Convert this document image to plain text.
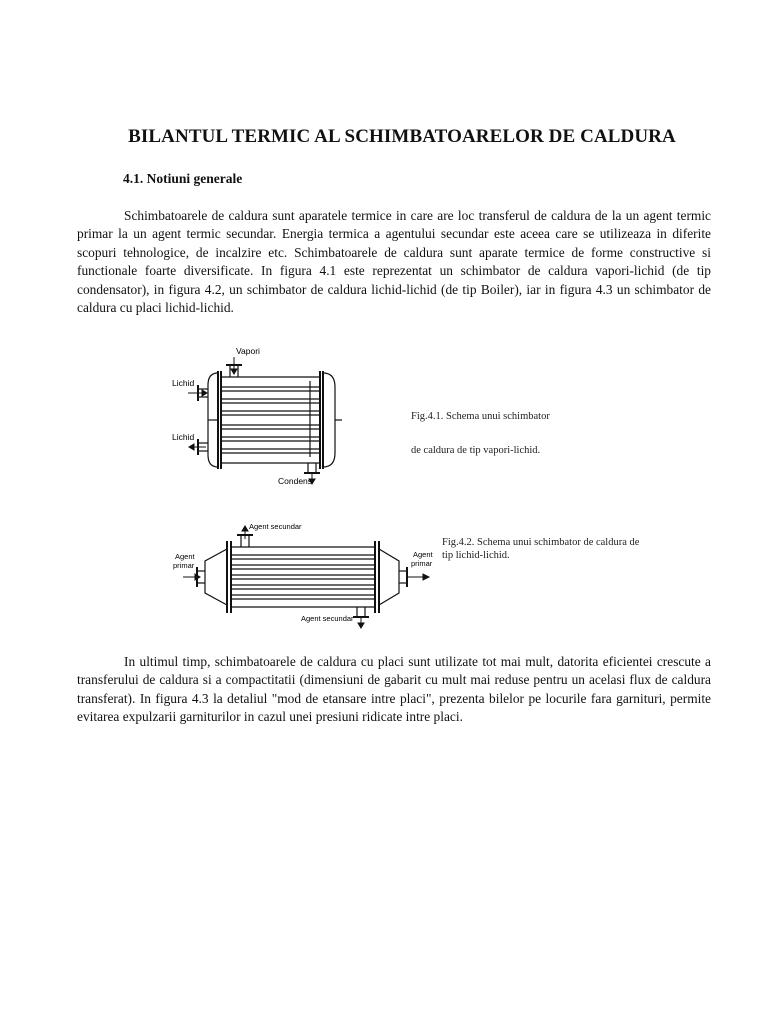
BILANTUL TERMIC AL SCHIMBATOARELOR DE CALDURA
4.1. Notiuni generale

Schimbatoarele de caldura sunt aparatele termice in care are loc transferul de caldura de la un agent termic primar la un agent termic secundar. Energia termica a agentului secundar este aceea care se utilizeaza in diferite scopuri tehnologice, de incalzire etc. Schimbatoarele de caldura sunt aparate termice de forme constructive si functionale foarte diversificate. In figura 4.1 este reprezentat un schimbator de caldura vapori-lichid (de tip condensator), in figura 4.2, un schimbator de caldura lichid-lichid (de tip Boiler), iar in figura 4.3 un schimbator de caldura cu placi lichid-lichid.

Vapori
Lichid
Lichid
Condens
Fig.4.1. Schema unui schimbator
de caldura de tip vapori-lichid.
Agent secundar
Agent
primar
Agent
primar
Agent secundar
Fig.4.2. Schema unui schimbator de caldura de tip lichid-lichid.

In ultimul timp, schimbatoarele de caldura cu placi sunt utilizate tot mai mult, datorita eficientei crescute a transferului de caldura si a compactitatii (dimensiuni de gabarit cu mult mai reduse pentru un acelasi flux de caldura transferat). In figura 4.3 la detaliul "mod de etansare intre placi", prezenta bilelor pe locurile fara garnituri, permite evitarea expulzarii garniturilor in cazul unei presiuni ridicate intre placi.
